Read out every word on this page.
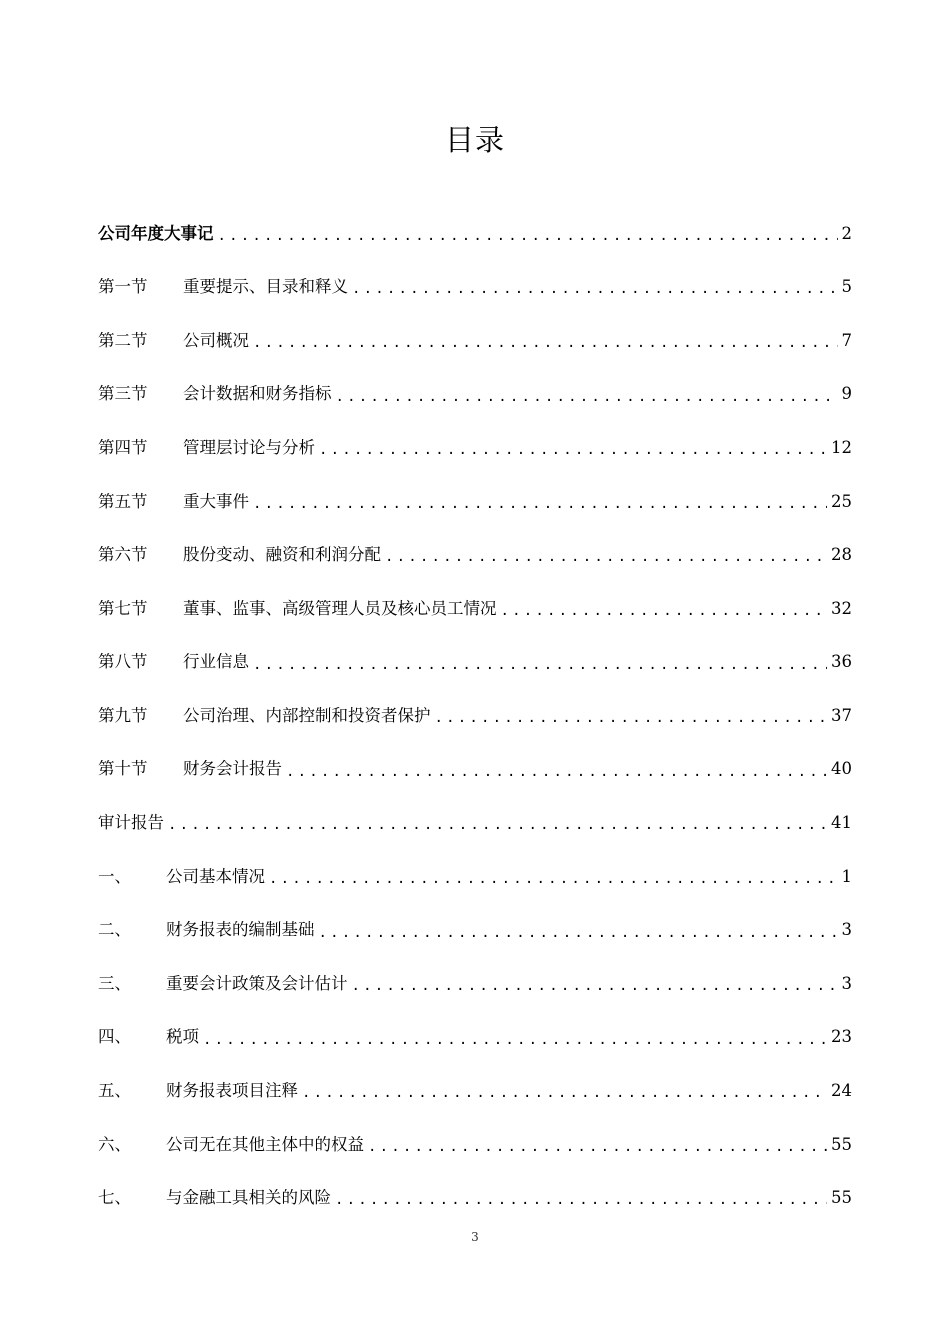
目录
公司年度大事记 .....	2
第一节	重要提示、目录和释义 .....	5
第二节	公司概况 .....	7
第三节	会计数据和财务指标 .....	9
第四节	管理层讨论与分析 .....	12
第五节	重大事件 .....	25
第六节	股份变动、融资和利润分配 .....	28
第七节	董事、监事、高级管理人员及核心员工情况 .....	32
第八节	行业信息 .....	36
第九节	公司治理、内部控制和投资者保护 .....	37
第十节	财务会计报告 .....	40
审计报告 .....	41
一、	公司基本情况 .....	1
二、	财务报表的编制基础 .....	3
三、	重要会计政策及会计估计 .....	3
四、	税项 .....	23
五、	财务报表项目注释 .....	24
六、	公司无在其他主体中的权益 .....	55
七、	与金融工具相关的风险 .....	55
3
